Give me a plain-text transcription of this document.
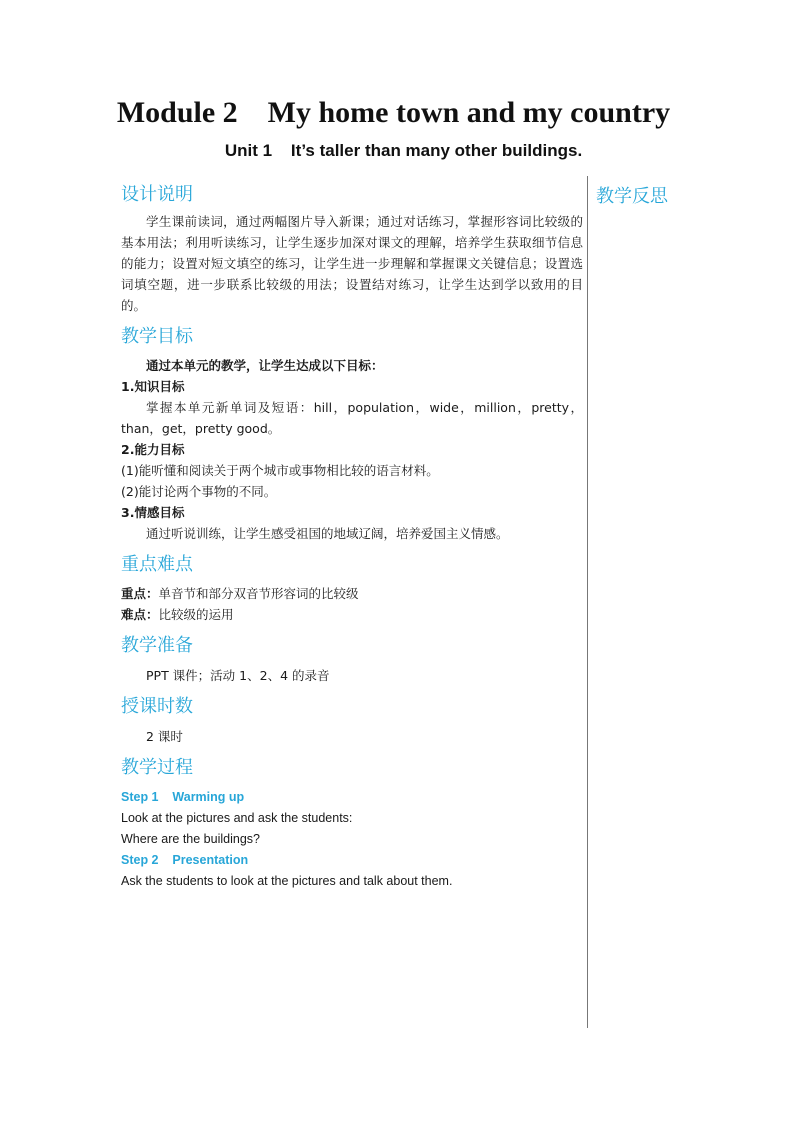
Module 2    My home town and my country
Unit 1    It’s taller than many other buildings.
教学反思

设计说明

学生课前读词，通过两幅图片导入新课；通过对话练习，掌握形容词比较级的基本用法；利用听读练习，让学生逐步加深对课文的理解，培养学生获取细节信息的能力；设置对短文填空的练习，让学生进一步理解和掌握课文关键信息；设置选词填空题，进一步联系比较级的用法；设置结对练习，让学生达到学以致用的目的。

教学目标

通过本单元的教学，让学生达成以下目标：

1.知识目标

掌握本单元新单词及短语：hill，population，wide，million，pretty，than，get，pretty good。

2.能力目标

(1)能听懂和阅读关于两个城市或事物相比较的语言材料。

(2)能讨论两个事物的不同。

3.情感目标

通过听说训练，让学生感受祖国的地域辽阔，培养爱国主义情感。

重点难点

重点：单音节和部分双音节形容词的比较级

难点：比较级的运用

教学准备

PPT 课件；活动 1、2、4 的录音

授课时数

2 课时

教学过程

Step 1    Warming up

Look at the pictures and ask the students:

Where are the buildings?

Step 2    Presentation

Ask the students to look at the pictures and talk about them.
